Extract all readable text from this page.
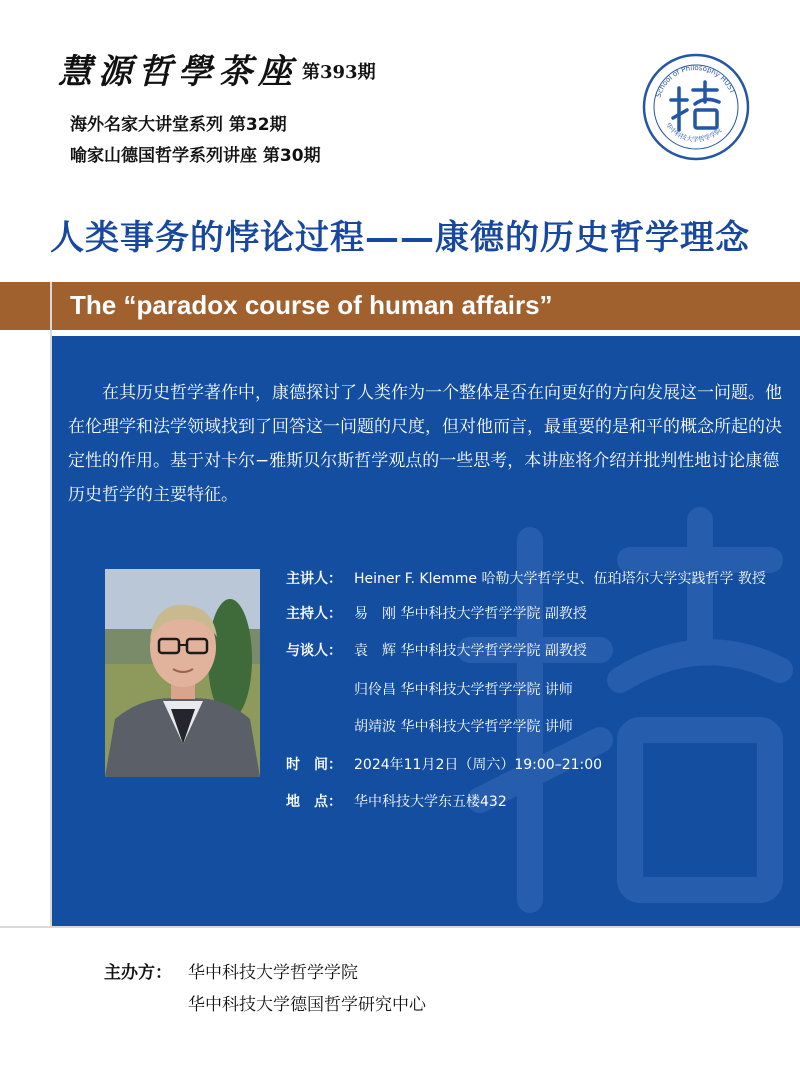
慧源哲學茶座 第393期
海外名家大讲堂系列 第32期
喻家山德国哲学系列讲座 第30期
School of Philosophy HUST
华中科技大学哲学学院
人类事务的悖论过程——康德的历史哲学理念
The “paradox course of human affairs”

在其历史哲学著作中，康德探讨了人类作为一个整体是否在向更好的方向发展这一问题。他在伦理学和法学领域找到了回答这一问题的尺度，但对他而言，最重要的是和平的概念所起的决定性的作用。基于对卡尔−雅斯贝尔斯哲学观点的一些思考，本讲座将介绍并批判性地讨论康德历史哲学的主要特征。

主讲人： Heiner F. Klemme 哈勒大学哲学史、伍珀塔尔大学实践哲学 教授
主持人： 易　刚 华中科技大学哲学学院 副教授
与谈人： 袁　辉 华中科技大学哲学学院 副教授
归伶昌 华中科技大学哲学学院 讲师
胡靖波 华中科技大学哲学学院 讲师
时　间： 2024年11月2日（周六）19:00–21:00
地　点： 华中科技大学东五楼432
主办方： 华中科技大学哲学学院
华中科技大学德国哲学研究中心
